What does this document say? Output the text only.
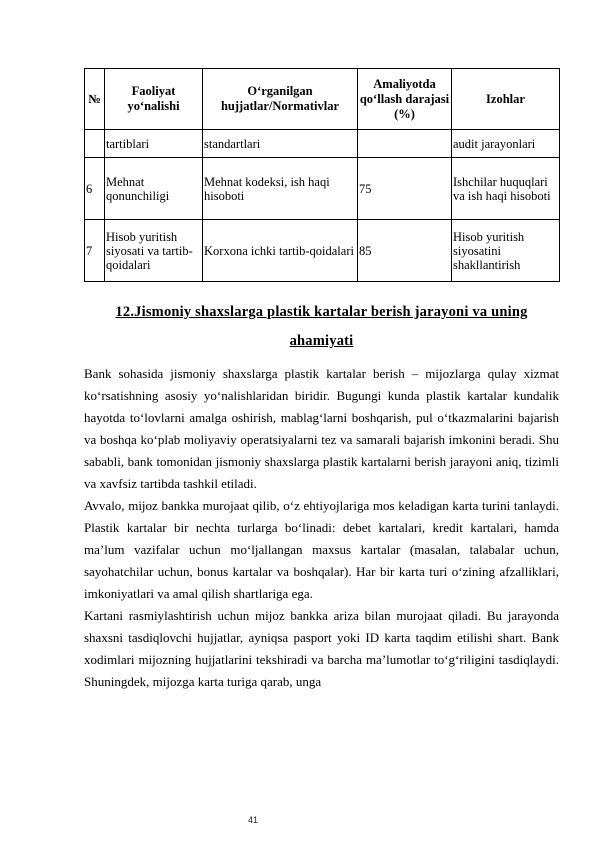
№	Faoliyat yo‘nalishi	O‘rganilgan hujjatlar/Normativlar	Amaliyotda qo‘llash darajasi (%)	Izohlar
	tartiblari	standartlari		audit jarayonlari
6	Mehnat qonunchiligi	Mehnat kodeksi, ish haqi hisoboti	75	Ishchilar huquqlari va ish haqi hisoboti
7	Hisob yuritish siyosati va tartib-qoidalari	Korxona ichki tartib-qoidalari	85	Hisob yuritish siyosatini shakllantirish
12.Jismoniy shaxslarga plastik kartalar berish jarayoni va uning
ahamiyati

Bank sohasida jismoniy shaxslarga plastik kartalar berish – mijozlarga qulay xizmat ko‘rsatishning asosiy yo‘nalishlaridan biridir. Bugungi kunda plastik kartalar kundalik hayotda to‘lovlarni amalga oshirish, mablag‘larni boshqarish, pul o‘tkazmalarini bajarish va boshqa ko‘plab moliyaviy operatsiyalarni tez va samarali bajarish imkonini beradi. Shu sababli, bank tomonidan jismoniy shaxslarga plastik kartalarni berish jarayoni aniq, tizimli va xavfsiz tartibda tashkil etiladi.

Avvalo, mijoz bankka murojaat qilib, o‘z ehtiyojlariga mos keladigan karta turini tanlaydi. Plastik kartalar bir nechta turlarga bo‘linadi: debet kartalari, kredit kartalari, hamda ma’lum vazifalar uchun mo‘ljallangan maxsus kartalar (masalan, talabalar uchun, sayohatchilar uchun, bonus kartalar va boshqalar). Har bir karta turi o‘zining afzalliklari, imkoniyatlari va amal qilish shartlariga ega.

Kartani rasmiylashtirish uchun mijoz bankka ariza bilan murojaat qiladi. Bu jarayonda shaxsni tasdiqlovchi hujjatlar, ayniqsa pasport yoki ID karta taqdim etilishi shart. Bank xodimlari mijozning hujjatlarini tekshiradi va barcha ma’lumotlar to‘g‘riligini tasdiqlaydi. Shuningdek, mijozga karta turiga qarab, unga

41
